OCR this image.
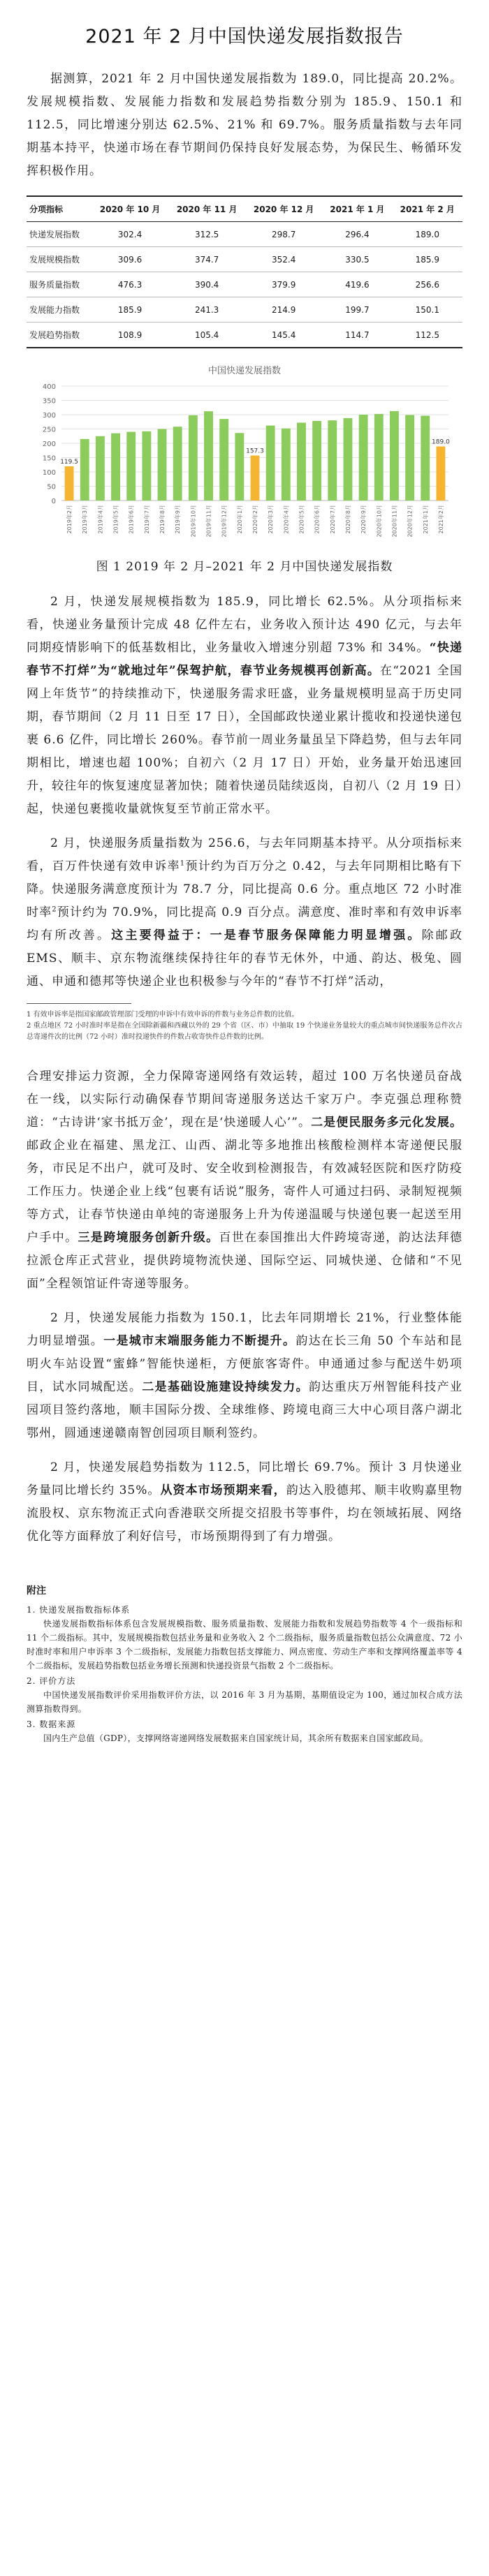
2021 年 2 月中国快递发展指数报告

据测算，2021 年 2 月中国快递发展指数为 189.0，同比提高 20.2%。发展规模指数、发展能力指数和发展趋势指数分别为 185.9、150.1 和 112.5，同比增速分别达 62.5%、21% 和 69.7%。服务质量指数与去年同期基本持平，快递市场在春节期间仍保持良好发展态势，为保民生、畅循环发挥积极作用。

分项指标	2020 年 10 月	2020 年 11 月	2020 年 12 月	2021 年 1 月	2021 年 2 月
快递发展指数	302.4	312.5	298.7	296.4	189.0
发展规模指数	309.6	374.7	352.4	330.5	185.9
服务质量指数	476.3	390.4	379.9	419.6	256.6
发展能力指数	185.9	241.3	214.9	199.7	150.1
发展趋势指数	108.9	105.4	145.4	114.7	112.5
中国快递发展指数
0
50
100
150
200
250
300
350
400
119.5
2019年2月 2019年3月 2019年4月 2019年5月 2019年6月 2019年7月 2019年8月 2019年9月 2019年10月 2019年11月 2019年12月 2020年1月
157.3
2020年2月 2020年3月 2020年4月 2020年5月 2020年6月 2020年7月 2020年8月 2020年9月 2020年10月 2020年11月 2020年12月 2021年1月
189.0
2021年2月
图 1 2019 年 2 月–2021 年 2 月中国快递发展指数

2 月，快递发展规模指数为 185.9，同比增长 62.5%。从分项指标来看，快递业务量预计完成 48 亿件左右，业务收入预计达 490 亿元，与去年同期疫情影响下的低基数相比，业务量收入增速分别超 73% 和 34%。“快递春节不打烊”为“就地过年”保驾护航，春节业务规模再创新高。在“2021 全国网上年货节”的持续推动下，快递服务需求旺盛，业务量规模明显高于历史同期，春节期间（2 月 11 日至 17 日），全国邮政快递业累计揽收和投递快递包裹 6.6 亿件，同比增长 260%。春节前一周业务量虽呈下降趋势，但与去年同期相比，增速也超 100%；自初六（2 月 17 日）开始，业务量开始迅速回升，较往年的恢复速度显著加快；随着快递员陆续返岗，自初八（2 月 19 日）起，快递包裹揽收量就恢复至节前正常水平。

2 月，快递服务质量指数为 256.6，与去年同期基本持平。从分项指标来看，百万件快递有效申诉率$^1$预计约为百万分之 0.42，与去年同期相比略有下降。快递服务满意度预计为 78.7 分，同比提高 0.6 分。重点地区 72 小时准时率$^2$预计约为 70.9%，同比提高 0.9 百分点。满意度、准时率和有效申诉率均有所改善。这主要得益于：一是春节服务保障能力明显增强。除邮政 EMS、顺丰、京东物流继续保持往年的春节无休外，中通、韵达、极兔、圆通、申通和德邦等快递企业也积极参与今年的“春节不打烊”活动，

1 有效申诉率是指国家邮政管理部门受理的申诉中有效申诉的件数与业务总件数的比值。

2 重点地区 72 小时准时率是指在全国除新疆和西藏以外的 29 个省（区、市）中抽取 19 个快递业务量较大的重点城市间快递服务总件次占总寄递件次的比例（72 小时）准时投递快件的件数占收寄快件总件数的比例。

合理安排运力资源，全力保障寄递网络有效运转，超过 100 万名快递员奋战在一线，以实际行动确保春节期间寄递服务送达千家万户。李克强总理称赞道：“古诗讲‘家书抵万金’，现在是‘快递暖人心’”。二是便民服务多元化发展。邮政企业在福建、黑龙江、山西、湖北等多地推出核酸检测样本寄递便民服务，市民足不出户，就可及时、安全收到检测报告，有效减轻医院和医疗防疫工作压力。快递企业上线“包裹有话说”服务，寄件人可通过扫码、录制短视频等方式，让春节快递由单纯的寄递服务上升为传递温暖与快递包裹一起送至用户手中。三是跨境服务创新升级。百世在泰国推出大件跨境寄递，韵达法拜德拉派仓库正式营业，提供跨境物流快递、国际空运、同城快递、仓储和“不见面”全程领馆证件寄递等服务。

2 月，快递发展能力指数为 150.1，比去年同期增长 21%，行业整体能力明显增强。一是城市末端服务能力不断提升。韵达在长三角 50 个车站和昆明火车站设置“蜜蜂”智能快递柜，方便旅客寄件。申通通过参与配送牛奶项目，试水同城配送。二是基础设施建设持续发力。韵达重庆万州智能科技产业园项目签约落地，顺丰国际分拨、全球维修、跨境电商三大中心项目落户湖北鄂州，圆通速递赣南智创园项目顺利签约。

2 月，快递发展趋势指数为 112.5，同比增长 69.7%。预计 3 月快递业务量同比增长约 35%。从资本市场预期来看，韵达入股德邦、顺丰收购嘉里物流股权、京东物流正式向香港联交所提交招股书等事件，均在领域拓展、网络优化等方面释放了利好信号，市场预期得到了有力增强。

附注

1. 快递发展指数指标体系

快递发展指数指标体系包含发展规模指数、服务质量指数、发展能力指数和发展趋势指数等 4 个一级指标和 11 个二级指标。其中，发展规模指数包括业务量和业务收入 2 个二级指标，服务质量指数包括公众满意度、72 小时准时率和用户申诉率 3 个二级指标，发展能力指数包括支撑能力、网点密度、劳动生产率和支撑网络覆盖率等 4 个二级指标，发展趋势指数包括业务增长预测和快递投资景气指数 2 个二级指标。

2. 评价方法

中国快递发展指数评价采用指数评价方法，以 2016 年 3 月为基期，基期值设定为 100，通过加权合成方法测算指数得到。

3. 数据来源

国内生产总值（GDP），支撑网络寄递网络发展数据来自国家统计局，其余所有数据来自国家邮政局。
